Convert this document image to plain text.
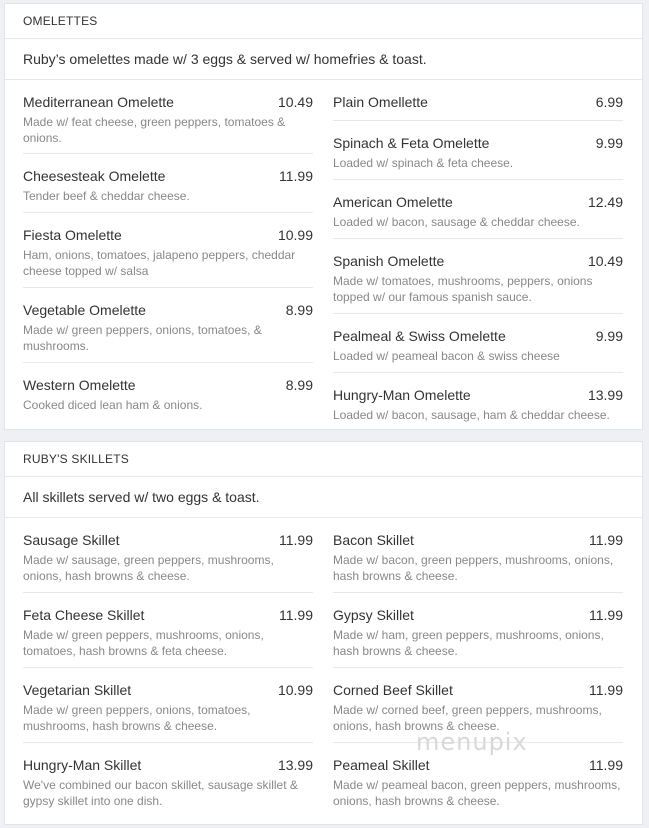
OMELETTES
Ruby’s omelettes made w/ 3 eggs & served w/ homefries & toast.
Mediterranean Omelette	10.49
Made w/ feat cheese, green peppers, tomatoes & onions.
Cheesesteak Omelette	11.99
Tender beef & cheddar cheese.
Fiesta Omelette	10.99
Ham, onions, tomatoes, jalapeno peppers, cheddar cheese topped w/ salsa
Vegetable Omelette	8.99
Made w/ green peppers, onions, tomatoes, & mushrooms.
Western Omelette	8.99
Cooked diced lean ham & onions.
Plain Omellette	6.99
Spinach & Feta Omelette	9.99
Loaded w/ spinach & feta cheese.
American Omelette	12.49
Loaded w/ bacon, sausage & cheddar cheese.
Spanish Omelette	10.49
Made w/ tomatoes, mushrooms, peppers, onions topped w/ our famous spanish sauce.
Pealmeal & Swiss Omelette	9.99
Loaded w/ peameal bacon & swiss cheese
Hungry-Man Omelette	13.99
Loaded w/ bacon, sausage, ham & cheddar cheese.
RUBY'S SKILLETS
All skillets served w/ two eggs & toast.
Sausage Skillet	11.99
Made w/ sausage, green peppers, mushrooms, onions, hash browns & cheese.
Feta Cheese Skillet	11.99
Made w/ green peppers, mushrooms, onions, tomatoes, hash browns & feta cheese.
Vegetarian Skillet	10.99
Made w/ green peppers, onions, tomatoes, mushrooms, hash browns & cheese.
Hungry-Man Skillet	13.99
We've combined our bacon skillet, sausage skillet & gypsy skillet into one dish.
Bacon Skillet	11.99
Made w/ bacon, green peppers, mushrooms, onions, hash browns & cheese.
Gypsy Skillet	11.99
Made w/ ham, green peppers, mushrooms, onions, hash browns & cheese.
Corned Beef Skillet	11.99
Made w/ corned beef, green peppers, mushrooms, onions, hash browns & cheese.
Peameal Skillet	11.99
Made w/ peameal bacon, green peppers, mushrooms, onions, hash browns & cheese.
menupix
